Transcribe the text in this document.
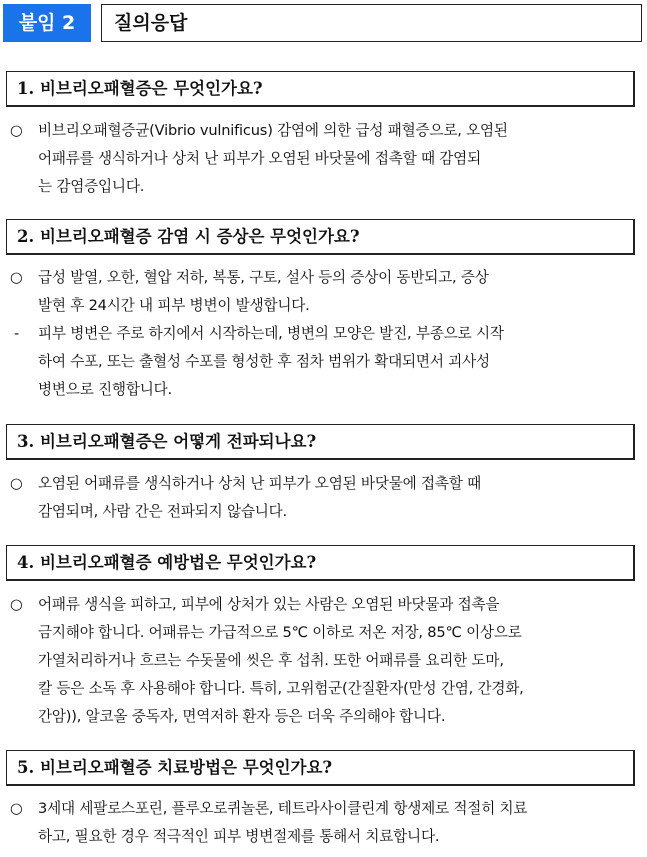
붙임 2	질의응답
1. 비브리오패혈증은 무엇인가요?
○ 비브리오패혈증균(Vibrio vulnificus) 감염에 의한 급성 패혈증으로, 오염된
어패류를 생식하거나 상처 난 피부가 오염된 바닷물에 접촉할 때 감염되
는 감염증입니다.
2. 비브리오패혈증 감염 시 증상은 무엇인가요?
○ 급성 발열, 오한, 혈압 저하, 복통, 구토, 설사 등의 증상이 동반되고, 증상
발현 후 24시간 내 피부 병변이 발생합니다.
- 피부 병변은 주로 하지에서 시작하는데, 병변의 모양은 발진, 부종으로 시작
하여 수포, 또는 출혈성 수포를 형성한 후 점차 범위가 확대되면서 괴사성
병변으로 진행합니다.
3. 비브리오패혈증은 어떻게 전파되나요?
○ 오염된 어패류를 생식하거나 상처 난 피부가 오염된 바닷물에 접촉할 때
감염되며, 사람 간은 전파되지 않습니다.
4. 비브리오패혈증 예방법은 무엇인가요?
○ 어패류 생식을 피하고, 피부에 상처가 있는 사람은 오염된 바닷물과 접촉을
금지해야 합니다. 어패류는 가급적으로 5℃ 이하로 저온 저장, 85℃ 이상으로
가열처리하거나 흐르는 수돗물에 씻은 후 섭취. 또한 어패류를 요리한 도마,
칼 등은 소독 후 사용해야 합니다. 특히, 고위험군(간질환자(만성 간염, 간경화,
간암)), 알코올 중독자, 면역저하 환자 등은 더욱 주의해야 합니다.
5. 비브리오패혈증 치료방법은 무엇인가요?
○ 3세대 세팔로스포린, 플루오로퀴놀론, 테트라사이클린계 항생제로 적절히 치료
하고, 필요한 경우 적극적인 피부 병변절제를 통해서 치료합니다.
